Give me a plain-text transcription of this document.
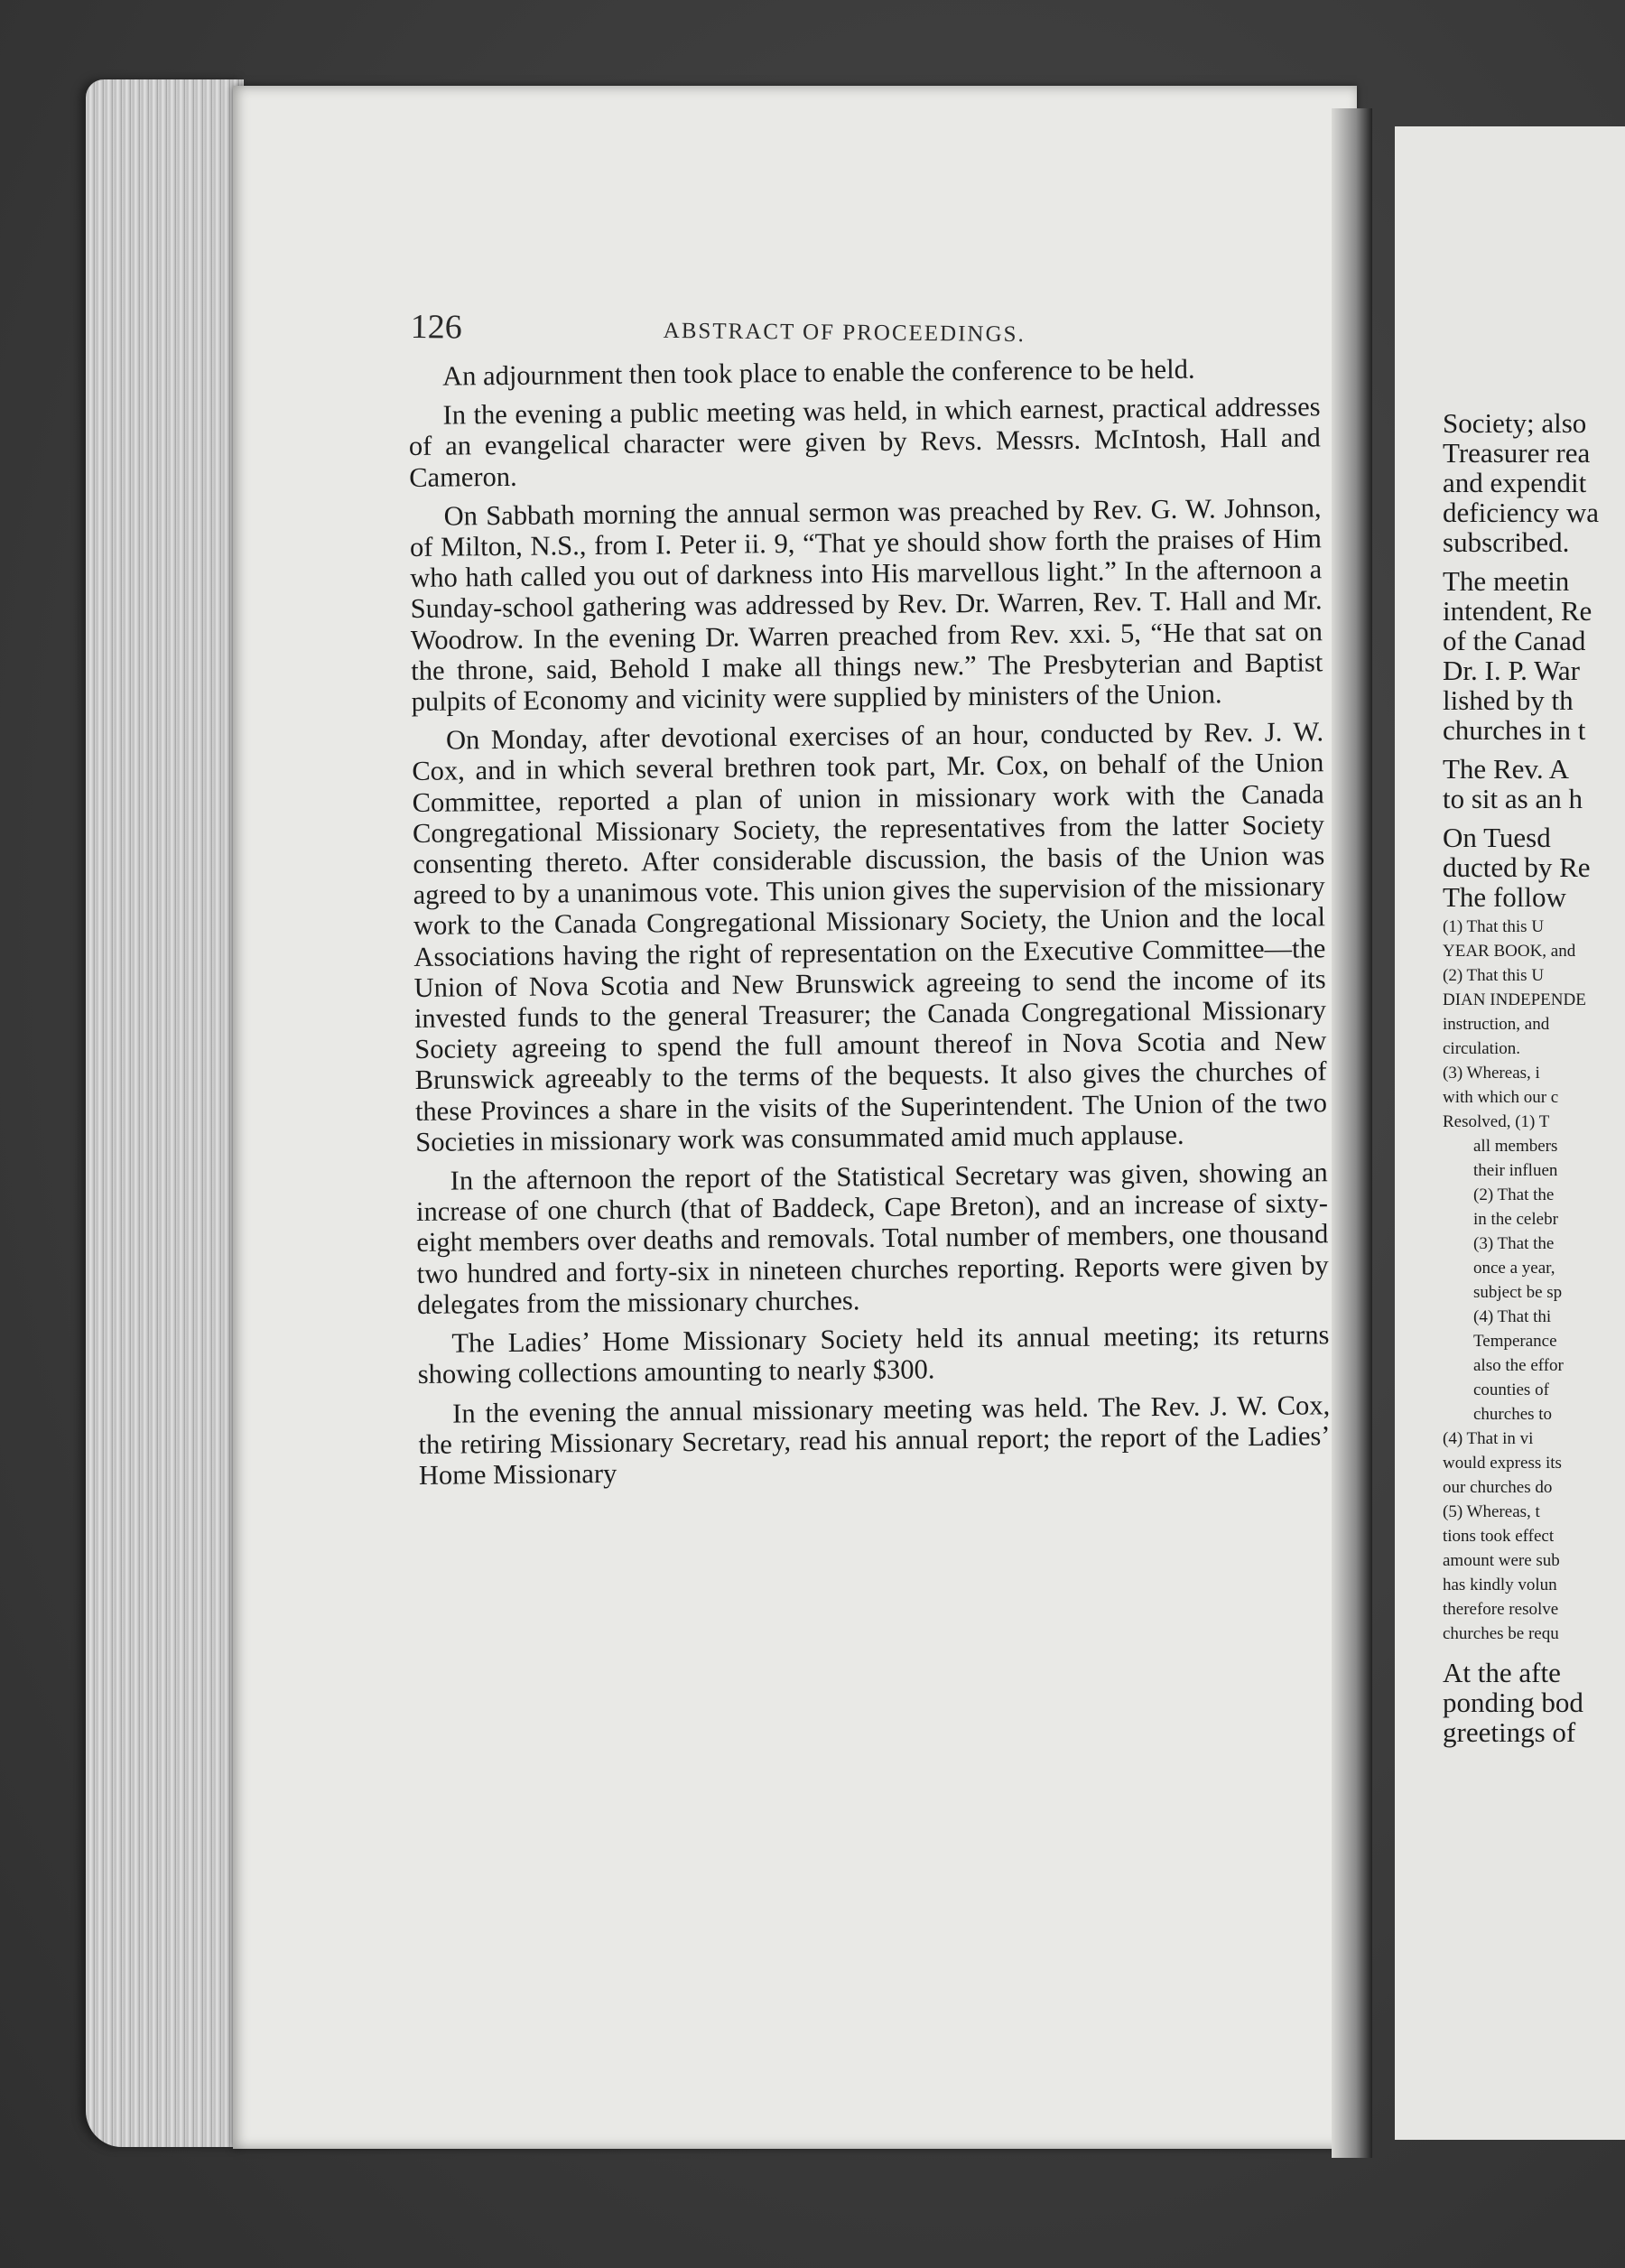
126	ABSTRACT OF PROCEEDINGS.

An adjournment then took place to enable the conference to be held.

In the evening a public meeting was held, in which earnest, practical addresses of an evangelical character were given by Revs. Messrs. McIntosh, Hall and Cameron.

On Sabbath morning the annual sermon was preached by Rev. G. W. Johnson, of Milton, N.S., from I. Peter ii. 9, “That ye should show forth the praises of Him who hath called you out of darkness into His marvellous light.” In the afternoon a Sunday-school gathering was addressed by Rev. Dr. Warren, Rev. T. Hall and Mr. Woodrow. In the evening Dr. Warren preached from Rev. xxi. 5, “He that sat on the throne, said, Behold I make all things new.” The Presbyterian and Baptist pulpits of Economy and vicinity were supplied by ministers of the Union.

On Monday, after devotional exercises of an hour, conducted by Rev. J. W. Cox, and in which several brethren took part, Mr. Cox, on behalf of the Union Committee, reported a plan of union in missionary work with the Canada Congregational Missionary Society, the representatives from the latter Society consenting thereto. After considerable discussion, the basis of the Union was agreed to by a unanimous vote. This union gives the supervision of the missionary work to the Canada Congregational Missionary Society, the Union and the local Associations having the right of representation on the Executive Committee—the Union of Nova Scotia and New Brunswick agreeing to send the income of its invested funds to the general Treasurer; the Canada Congregational Missionary Society agreeing to spend the full amount thereof in Nova Scotia and New Brunswick agreeably to the terms of the bequests. It also gives the churches of these Provinces a share in the visits of the Superintendent. The Union of the two Societies in missionary work was consummated amid much applause.

In the afternoon the report of the Statistical Secretary was given, showing an increase of one church (that of Baddeck, Cape Breton), and an increase of sixty-eight members over deaths and removals. Total number of members, one thousand two hundred and forty-six in nineteen churches reporting. Reports were given by delegates from the missionary churches.

The Ladies’ Home Missionary Society held its annual meeting; its returns showing collections amounting to nearly $300.

In the evening the annual missionary meeting was held. The Rev. J. W. Cox, the retiring Missionary Secretary, read his annual report; the report of the Ladies’ Home Missionary

Society; also

Treasurer rea

and expendit

deficiency wa

subscribed.

The meetin

intendent, Re

of the Canad

Dr. I. P. War

lished by th

churches in t

The Rev. A

to sit as an h

On Tuesd

ducted by Re

The follow

(1) That this U

YEAR BOOK, and

(2) That this U

DIAN INDEPENDE

instruction, and

circulation.

(3) Whereas, i

with which our c

Resolved, (1) T

all members

their influen

(2) That the

in the celebr

(3) That the

once a year,

subject be sp

(4) That thi

Temperance

also the effor

counties of

churches to

(4) That in vi

would express its

our churches do

(5) Whereas, t

tions took effect

amount were sub

has kindly volun

therefore resolve

churches be requ

At the afte

ponding bod

greetings of
